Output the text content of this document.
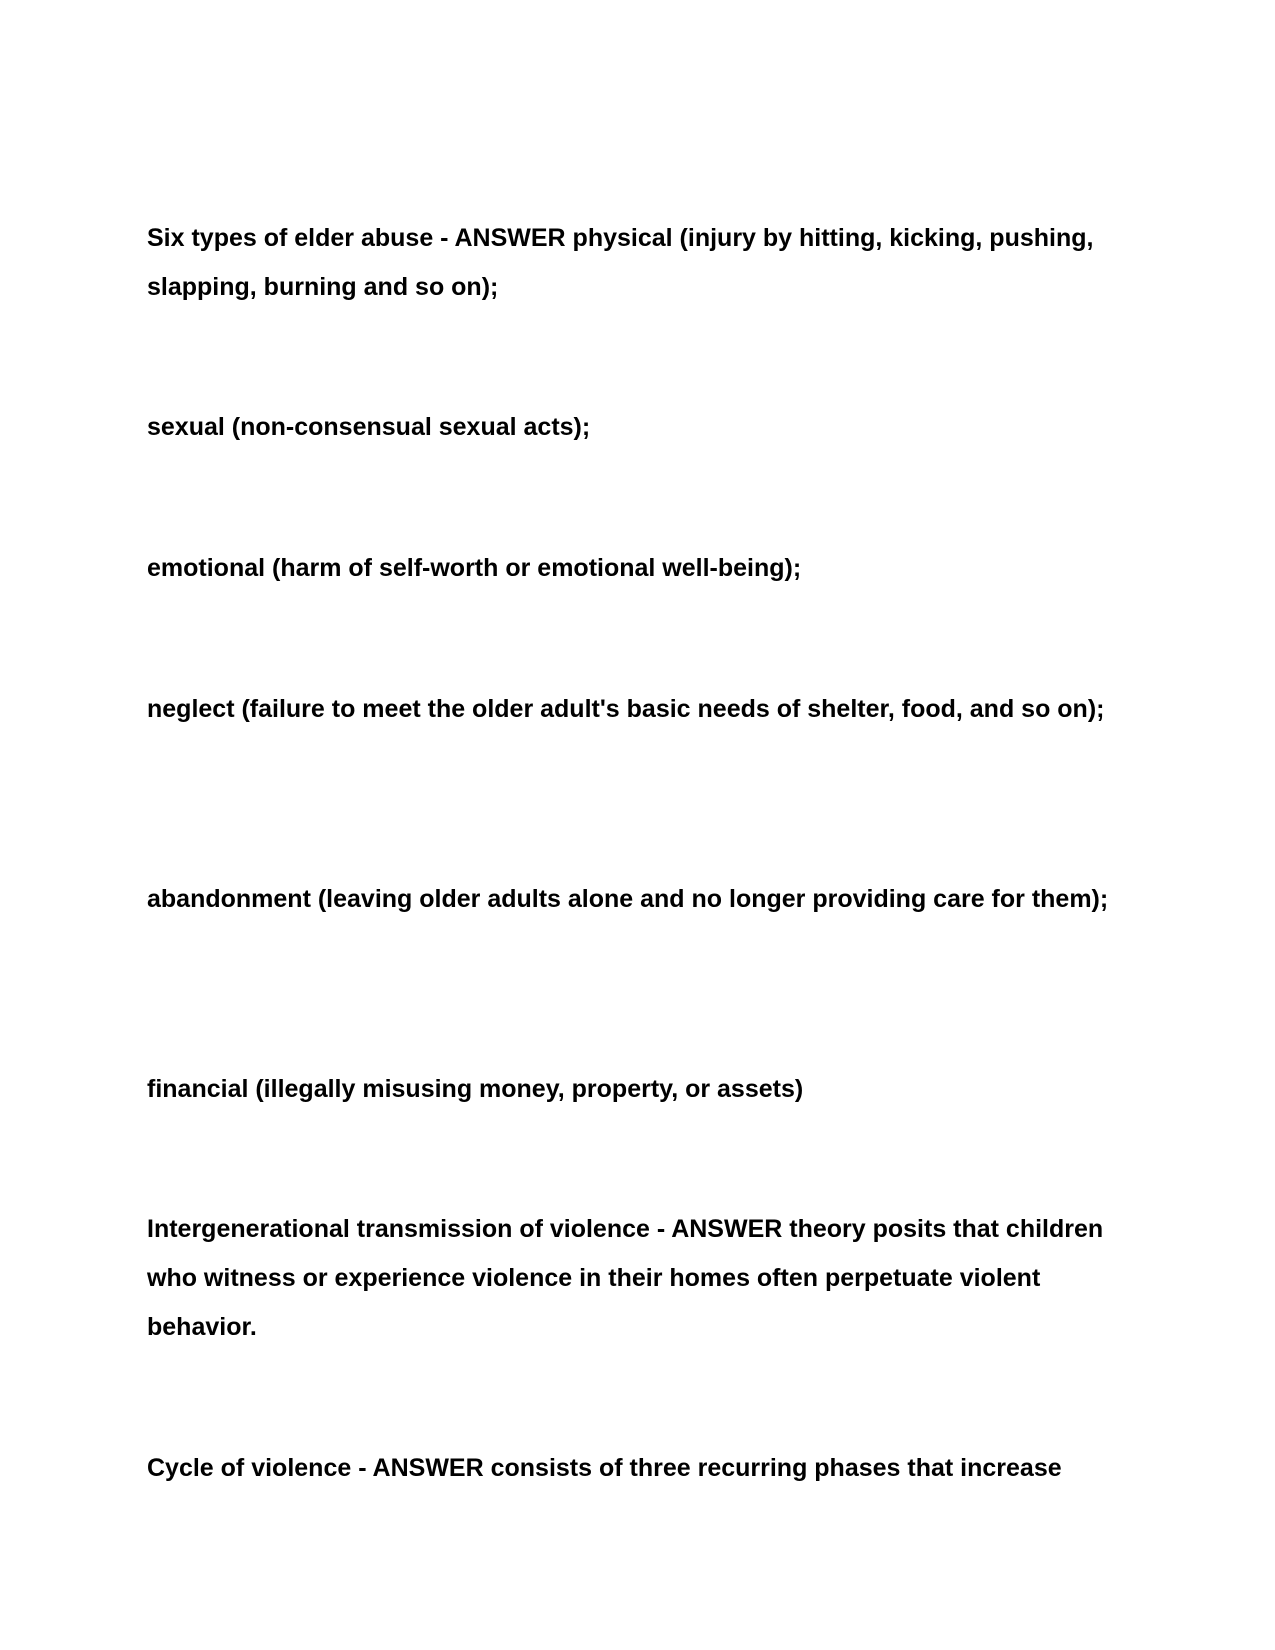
Six types of elder abuse - ANSWER physical (injury by hitting, kicking, pushing, slapping, burning and so on);

sexual (non-consensual sexual acts);

emotional (harm of self-worth or emotional well-being);

neglect (failure to meet the older adult's basic needs of shelter, food, and so on);

abandonment (leaving older adults alone and no longer providing care for them);

financial (illegally misusing money, property, or assets)

Intergenerational transmission of violence - ANSWER theory posits that children who witness or experience violence in their homes often perpetuate violent behavior.

Cycle of violence - ANSWER consists of three recurring phases that increase
